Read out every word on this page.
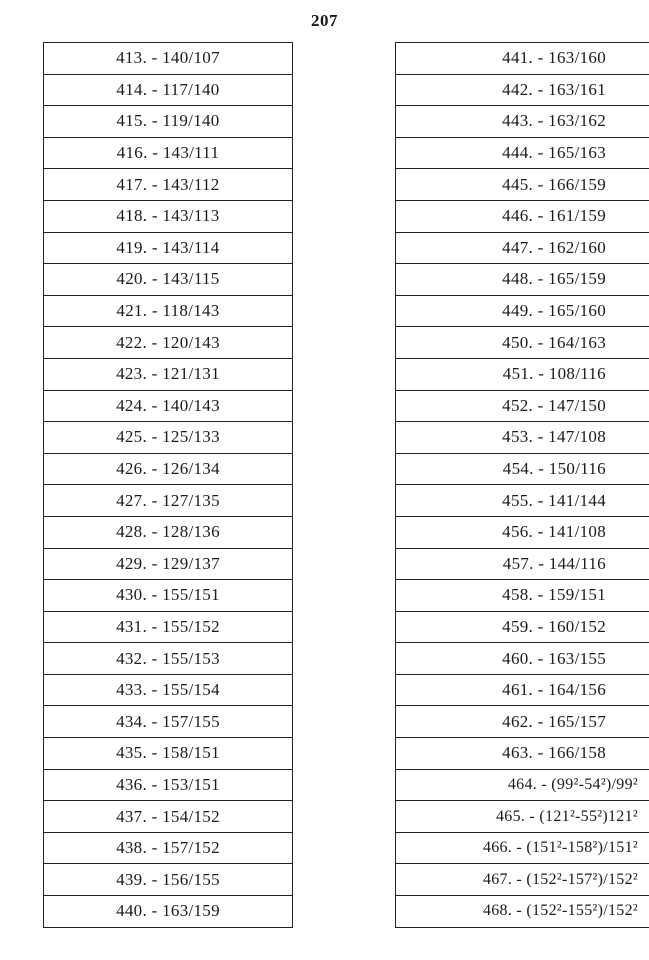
207
413. - 140/107
414. - 117/140
415. - 119/140
416. - 143/111
417. - 143/112
418. - 143/113
419. - 143/114
420. - 143/115
421. - 118/143
422. - 120/143
423. - 121/131
424. - 140/143
425. - 125/133
426. - 126/134
427. - 127/135
428. - 128/136
429. - 129/137
430. - 155/151
431. - 155/152
432. - 155/153
433. - 155/154
434. - 157/155
435. - 158/151
436. - 153/151
437. - 154/152
438. - 157/152
439. - 156/155
440. - 163/159
441. - 163/160
442. - 163/161
443. - 163/162
444. - 165/163
445. - 166/159
446. - 161/159
447. - 162/160
448. - 165/159
449. - 165/160
450. - 164/163
451. - 108/116
452. - 147/150
453. - 147/108
454. - 150/116
455. - 141/144
456. - 141/108
457. - 144/116
458. - 159/151
459. - 160/152
460. - 163/155
461. - 164/156
462. - 165/157
463. - 166/158
464. - (99²-54²)/99²
465. - (121²-55²)121²
466. - (151²-158²)/151²
467. - (152²-157²)/152²
468. - (152²-155²)/152²
